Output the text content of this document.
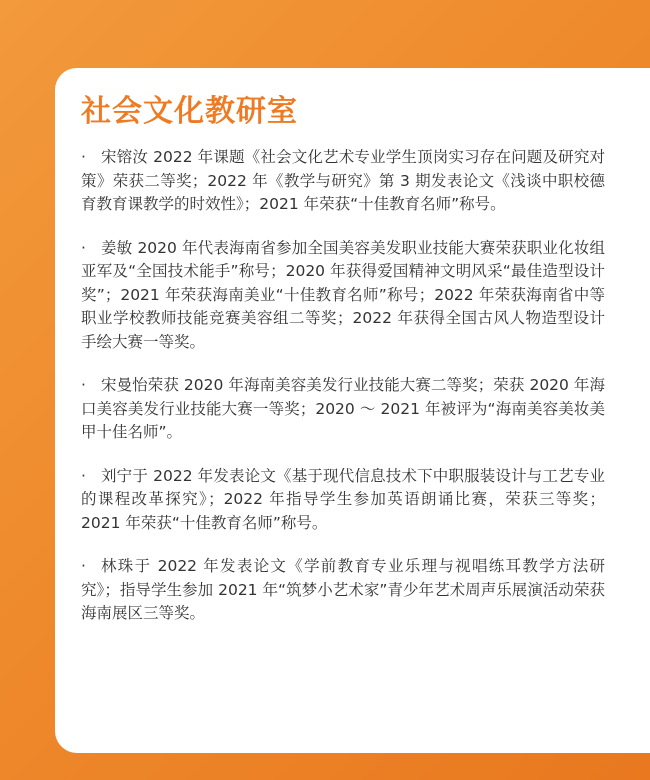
社会文化教研室
· 宋镕汝 2022 年课题《社会文化艺术专业学生顶岗实习存在问题及研究对策》荣获二等奖；2022 年《教学与研究》第 3 期发表论文《浅谈中职校德育教育课教学的时效性》；2021 年荣获“十佳教育名师”称号。
· 姜敏 2020 年代表海南省参加全国美容美发职业技能大赛荣获职业化妆组亚军及“全国技术能手”称号；2020 年获得爱国精神文明风采“最佳造型设计奖”；2021 年荣获海南美业“十佳教育名师”称号；2022 年荣获海南省中等职业学校教师技能竞赛美容组二等奖；2022 年获得全国古风人物造型设计手绘大赛一等奖。
· 宋曼怡荣获 2020 年海南美容美发行业技能大赛二等奖；荣获 2020 年海口美容美发行业技能大赛一等奖；2020 ～ 2021 年被评为“海南美容美妆美甲十佳名师”。
· 刘宁于 2022 年发表论文《基于现代信息技术下中职服装设计与工艺专业的课程改革探究》；2022 年指导学生参加英语朗诵比赛，荣获三等奖；2021 年荣获“十佳教育名师”称号。
· 林珠于 2022 年发表论文《学前教育专业乐理与视唱练耳教学方法研究》；指导学生参加 2021 年“筑梦小艺术家”青少年艺术周声乐展演活动荣获海南展区三等奖。
